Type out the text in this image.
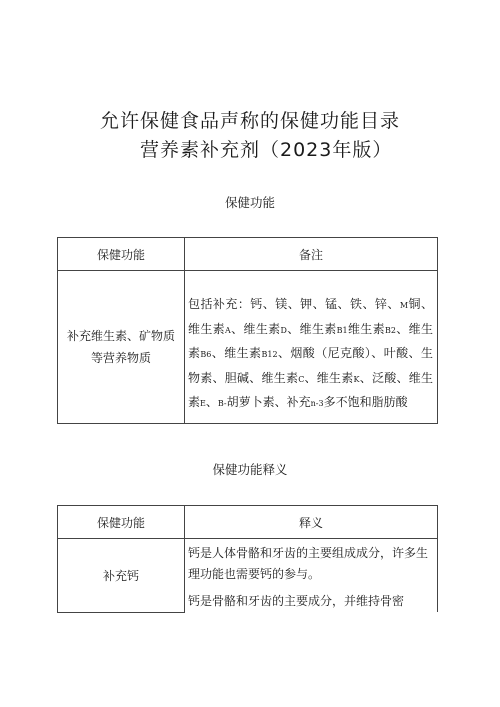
允许保健食品声称的保健功能目录
营养素补充剂（2023年版）
保健功能
保健功能	备注
补充维生素、矿物质
等营养物质	包括补充：钙、镁、钾、锰、铁、锌、M铜、维生素A、维生素D、维生素B1维生素B2、维生素B6、维生素B12、烟酸（尼克酸）、叶酸、生物素、胆碱、维生素C、维生素K、泛酸、维生素E、B-胡萝卜素、补充n-3多不饱和脂肪酸
保健功能释义
保健功能	释义
补充钙	钙是人体骨骼和牙齿的主要组成成分，许多生理功能也需要钙的参与。
钙是骨骼和牙齿的主要成分，并维持骨密
